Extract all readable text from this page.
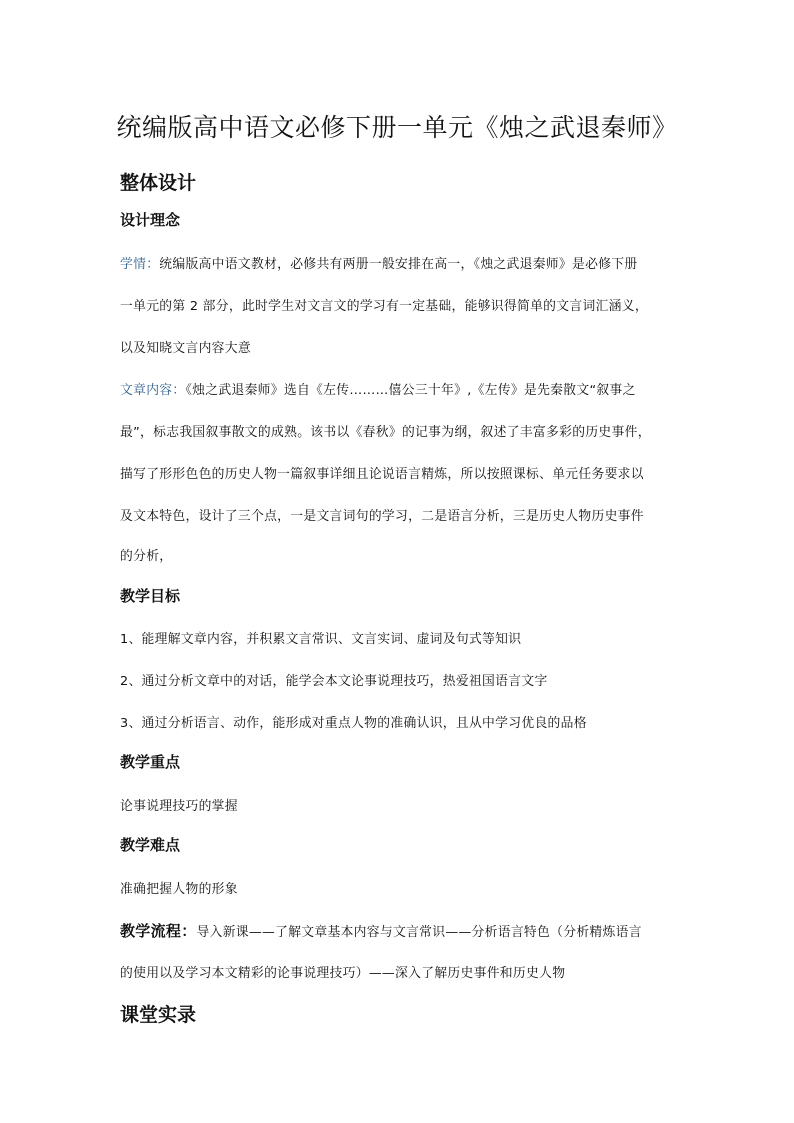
统编版高中语文必修下册一单元《烛之武退秦师》
整体设计
设计理念
学情：统编版高中语文教材，必修共有两册一般安排在高一，《烛之武退秦师》是必修下册
一单元的第 2 部分，此时学生对文言文的学习有一定基础，能够识得简单的文言词汇涵义，
以及知晓文言内容大意
文章内容：《烛之武退秦师》选自《左传………僖公三十年》,《左传》是先秦散文“叙事之
最”，标志我国叙事散文的成熟。该书以《春秋》的记事为纲，叙述了丰富多彩的历史事件，
描写了形形色色的历史人物一篇叙事详细且论说语言精炼，所以按照课标、单元任务要求以
及文本特色，设计了三个点，一是文言词句的学习，二是语言分析，三是历史人物历史事件
的分析，
教学目标
1、能理解文章内容，并积累文言常识、文言实词、虚词及句式等知识
2、通过分析文章中的对话，能学会本文论事说理技巧，热爱祖国语言文字
3、通过分析语言、动作，能形成对重点人物的准确认识，且从中学习优良的品格
教学重点
论事说理技巧的掌握
教学难点
准确把握人物的形象
教学流程：导入新课——了解文章基本内容与文言常识——分析语言特色（分析精炼语言
的使用以及学习本文精彩的论事说理技巧）——深入了解历史事件和历史人物
课堂实录
